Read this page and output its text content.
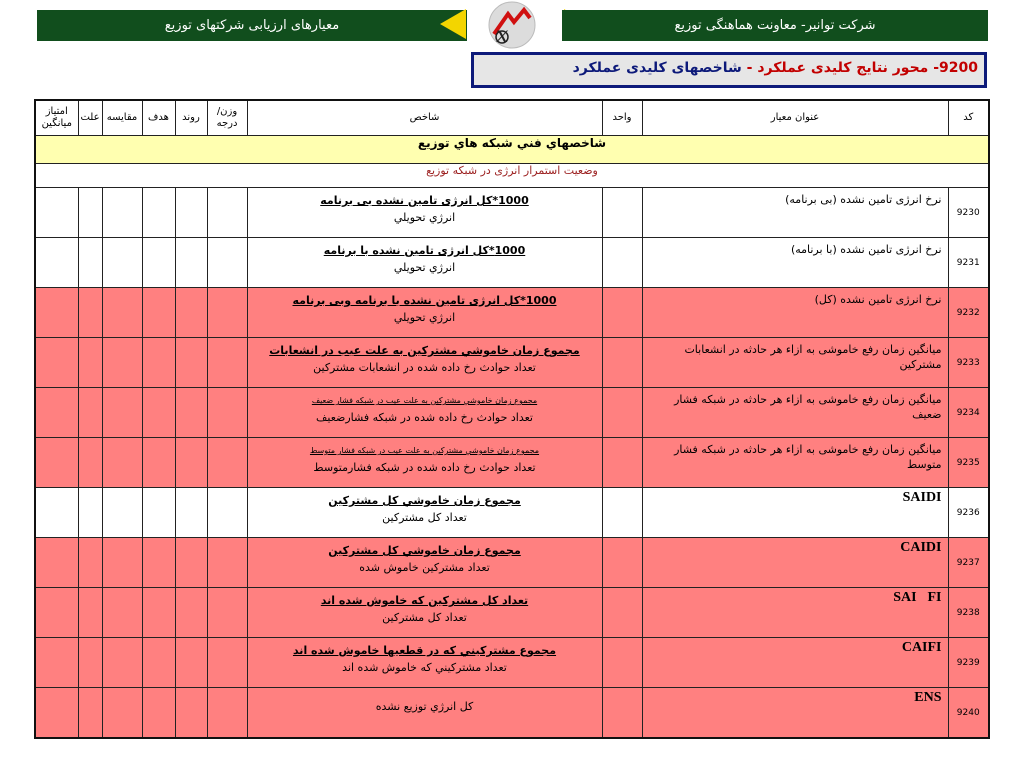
معیارهای ارزیابی شرکتهای توزیع	x	شرکت توانیر- معاونت هماهنگی توزیع
9200- محور نتایج کلیدی عملکرد - شاخصهای کلیدی عملکرد
کد	عنوان معیار	واحد	شاخص	وزن/ درجه	روند	هدف	مقایسه	علت	امتیاز میانگین
شاخصهاي فني شبكه هاي توزيع									
وضعیت استمرار انرژی در شبکه توزیع									
9230	نرخ انرژی تامین نشده (بی برنامه)		1000*کل انرژی تامین نشده بی برنامه
انرژي تحويلي						

9231	نرخ انرژی تامین نشده (با برنامه)		1000*کل انرژی تامین نشده با برنامه
انرژي تحويلي						

9232	نرخ انرژی تامین نشده (کل)		1000*کل انرژی تامین نشده با برنامه وبی برنامه
انرژي تحويلي						

9233	میانگین زمان رفع خاموشی به ازاء هر حادثه در انشعابات مشترکین		مجموع زمان خاموشي مشتركين به علت عيب در انشعابات
تعداد حوادث رخ داده شده در انشعابات مشترکین						

9234	میانگین زمان رفع خاموشی به ازاء هر حادثه در شبکه فشار ضعیف		مجموع زمان خاموشي مشتركين به علت عيب در شبكه فشار ضعيف
تعداد حوادث رخ داده شده در شبکه فشارضعیف						

9235	میانگین زمان رفع خاموشی به ازاء هر حادثه در شبکه فشار متوسط		مجموع زمان خاموشي مشتركين به علت عيب در شبكه فشار متوسط
تعداد حوادث رخ داده شده در شبکه فشارمتوسط						

9236	SAIDI		مجموع زمان خاموشي كل مشتركين
تعداد کل مشترکین						

9237	CAIDI		مجموع زمان خاموشي كل مشتركين
تعداد مشترکین خاموش شده						

9238	SAIّFI		تعداد کل مشترکین که خاموش شده اند
تعداد کل مشترکین						

9239	CAIFI		مجموع مشتركيني كه در قطعيها خاموش شده اند
تعداد مشتركيني كه خاموش شده اند						

9240	ENS		كل انرژي توزيع نشده						
